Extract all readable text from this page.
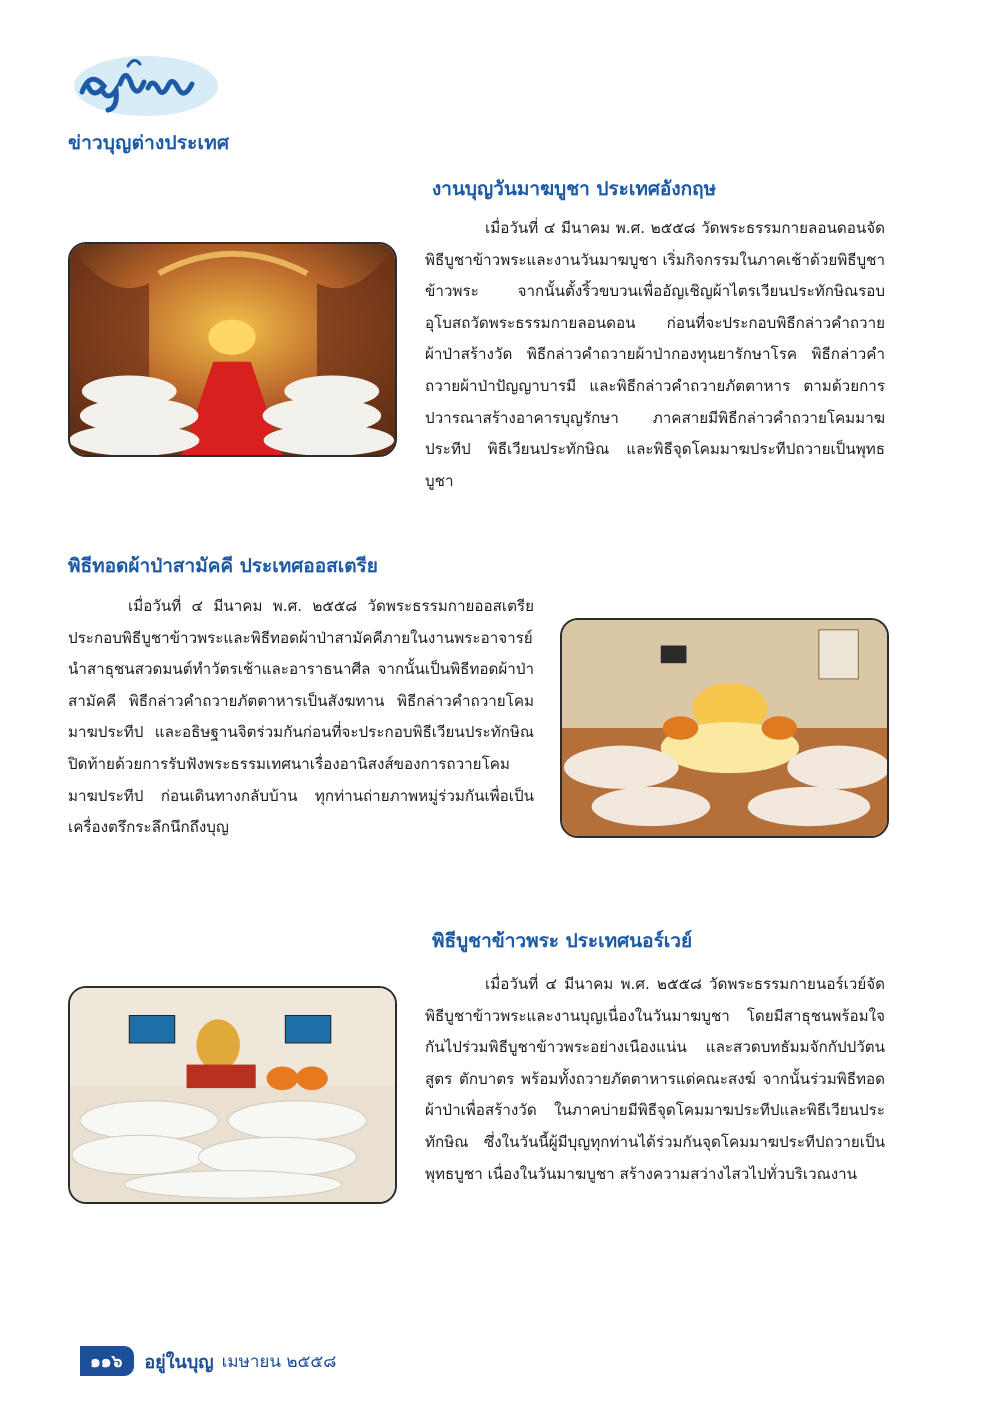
ข่าวบุญต่างประเทศ
งานบุญวันมาฆบูชา ประเทศอังกฤษ

เมื่อวันที่ ๔ มีนาคม พ.ศ. ๒๕๕๘ วัดพระธรรมกายลอนดอนจัดพิธีบูชาข้าวพระและงานวันมาฆบูชา เริ่มกิจกรรมในภาคเช้าด้วยพิธีบูชาข้าวพระ จากนั้นตั้งริ้วขบวนเพื่ออัญเชิญผ้าไตรเวียนประทักษิณรอบอุโบสถวัดพระธรรมกายลอนดอน ก่อนที่จะประกอบพิธีกล่าวคำถวายผ้าป่าสร้างวัด พิธีกล่าวคำถวายผ้าป่ากองทุนยารักษาโรค พิธีกล่าวคำถวายผ้าป่าปัญญาบารมี และพิธีกล่าวคำถวายภัตตาหาร ตามด้วยการปวารณาสร้างอาคารบุญรักษา ภาคสายมีพิธีกล่าวคำถวายโคมมาฆประทีป พิธีเวียนประทักษิณ และพิธีจุดโคมมาฆประทีปถวายเป็นพุทธบูชา

พิธีทอดผ้าป่าสามัคคี ประเทศออสเตรีย

เมื่อวันที่ ๔ มีนาคม พ.ศ. ๒๕๕๘ วัดพระธรรมกายออสเตรียประกอบพิธีบูชาข้าวพระและพิธีทอดผ้าป่าสามัคคีภายในงานพระอาจารย์นำสาธุชนสวดมนต์ทำวัตรเช้าและอาราธนาศีล จากนั้นเป็นพิธีทอดผ้าป่าสามัคคี พิธีกล่าวคำถวายภัตตาหารเป็นสังฆทาน พิธีกล่าวคำถวายโคมมาฆประทีป และอธิษฐานจิตร่วมกันก่อนที่จะประกอบพิธีเวียนประทักษิณ ปิดท้ายด้วยการรับฟังพระธรรมเทศนาเรื่องอานิสงส์ของการถวายโคมมาฆประทีป ก่อนเดินทางกลับบ้าน ทุกท่านถ่ายภาพหมู่ร่วมกันเพื่อเป็นเครื่องตรึกระลึกนึกถึงบุญ

พิธีบูชาข้าวพระ ประเทศนอร์เวย์

เมื่อวันที่ ๔ มีนาคม พ.ศ. ๒๕๕๘ วัดพระธรรมกายนอร์เวย์จัดพิธีบูชาข้าวพระและงานบุญเนื่องในวันมาฆบูชา โดยมีสาธุชนพร้อมใจกันไปร่วมพิธีบูชาข้าวพระอย่างเนืองแน่น และสวดบทธัมมจักกัปปวัตนสูตร ตักบาตร พร้อมทั้งถวายภัตตาหารแด่คณะสงฆ์ จากนั้นร่วมพิธีทอดผ้าป่าเพื่อสร้างวัด ในภาคบ่ายมีพิธีจุดโคมมาฆประทีปและพิธีเวียนประทักษิณ ซึ่งในวันนี้ผู้มีบุญทุกท่านได้ร่วมกันจุดโคมมาฆประทีปถวายเป็นพุทธบูชา เนื่องในวันมาฆบูชา สร้างความสว่างไสวไปทั่วบริเวณงาน

๑๑๖	อยู่ในบุญ เมษายน ๒๕๕๘
